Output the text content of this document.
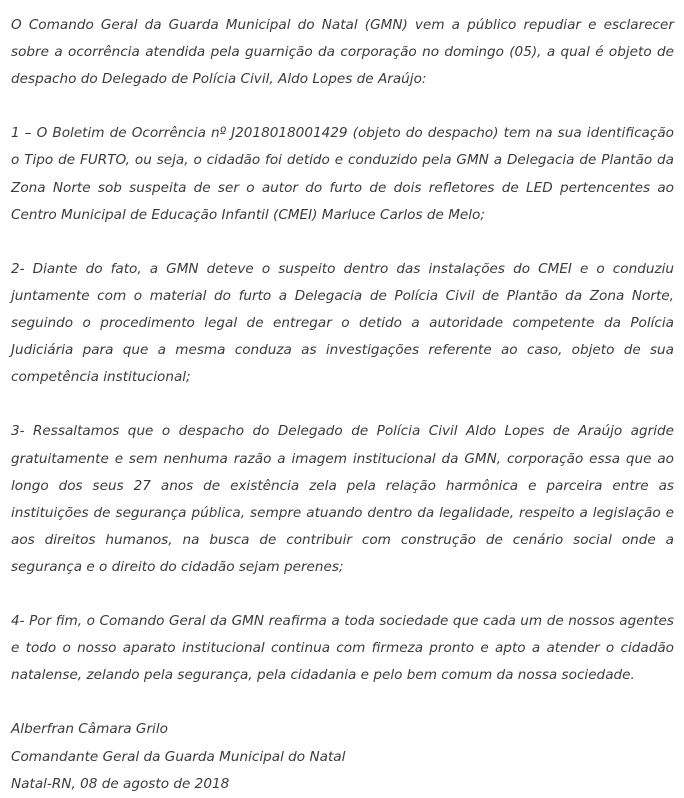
O Comando Geral da Guarda Municipal do Natal (GMN) vem a público repudiar e esclarecer sobre a ocorrência atendida pela guarnição da corporação no domingo (05), a qual é objeto de despacho do Delegado de Polícia Civil, Aldo Lopes de Araújo:

1 – O Boletim de Ocorrência nº J2018018001429 (objeto do despacho) tem na sua identificação o Tipo de FURTO, ou seja, o cidadão foi detido e conduzido pela GMN a Delegacia de Plantão da Zona Norte sob suspeita de ser o autor do furto de dois refletores de LED pertencentes ao Centro Municipal de Educação Infantil (CMEI) Marluce Carlos de Melo;

2- Diante do fato, a GMN deteve o suspeito dentro das instalações do CMEI e o conduziu juntamente com o material do furto a Delegacia de Polícia Civil de Plantão da Zona Norte, seguindo o procedimento legal de entregar o detido a autoridade competente da Polícia Judiciária para que a mesma conduza as investigações referente ao caso, objeto de sua competência institucional;

3- Ressaltamos que o despacho do Delegado de Polícia Civil Aldo Lopes de Araújo agride gratuitamente e sem nenhuma razão a imagem institucional da GMN, corporação essa que ao longo dos seus 27 anos de existência zela pela relação harmônica e parceira entre as instituições de segurança pública, sempre atuando dentro da legalidade, respeito a legislação e aos direitos humanos, na busca de contribuir com construção de cenário social onde a segurança e o direito do cidadão sejam perenes;

4- Por fim, o Comando Geral da GMN reafirma a toda sociedade que cada um de nossos agentes e todo o nosso aparato institucional continua com firmeza pronto e apto a atender o cidadão natalense, zelando pela segurança, pela cidadania e pelo bem comum da nossa sociedade.

Alberfran Câmara Grilo
Comandante Geral da Guarda Municipal do Natal
Natal-RN, 08 de agosto de 2018
